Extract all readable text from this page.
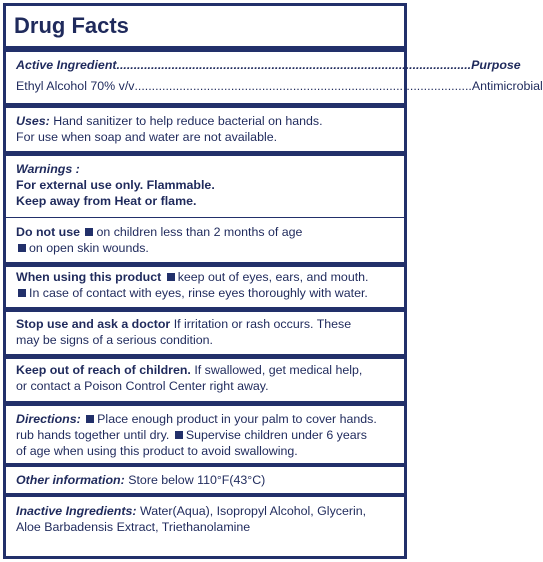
Drug Facts
Active Ingredient ....................................................................................................... Purpose
Ethyl Alcohol 70% v/v .................................................................................................. Antimicrobial
Uses: Hand sanitizer to help reduce bacterial on hands.
For use when soap and water are not available.
Warnings :
For external use only. Flammable.
Keep away from Heat or flame.
Do not use on children less than 2 months of age
on open skin wounds.
When using this product keep out of eyes, ears, and mouth.
In case of contact with eyes, rinse eyes thoroughly with water.
Stop use and ask a doctor If irritation or rash occurs. These
may be signs of a serious condition.
Keep out of reach of children. If swallowed, get medical help,
or contact a Poison Control Center right away.
Directions: Place enough product in your palm to cover hands.
rub hands together until dry. Supervise children under 6 years
of age when using this product to avoid swallowing.
Other information: Store below 110°F(43°C)
Inactive Ingredients: Water(Aqua), Isopropyl Alcohol, Glycerin,
Aloe Barbadensis Extract, Triethanolamine
